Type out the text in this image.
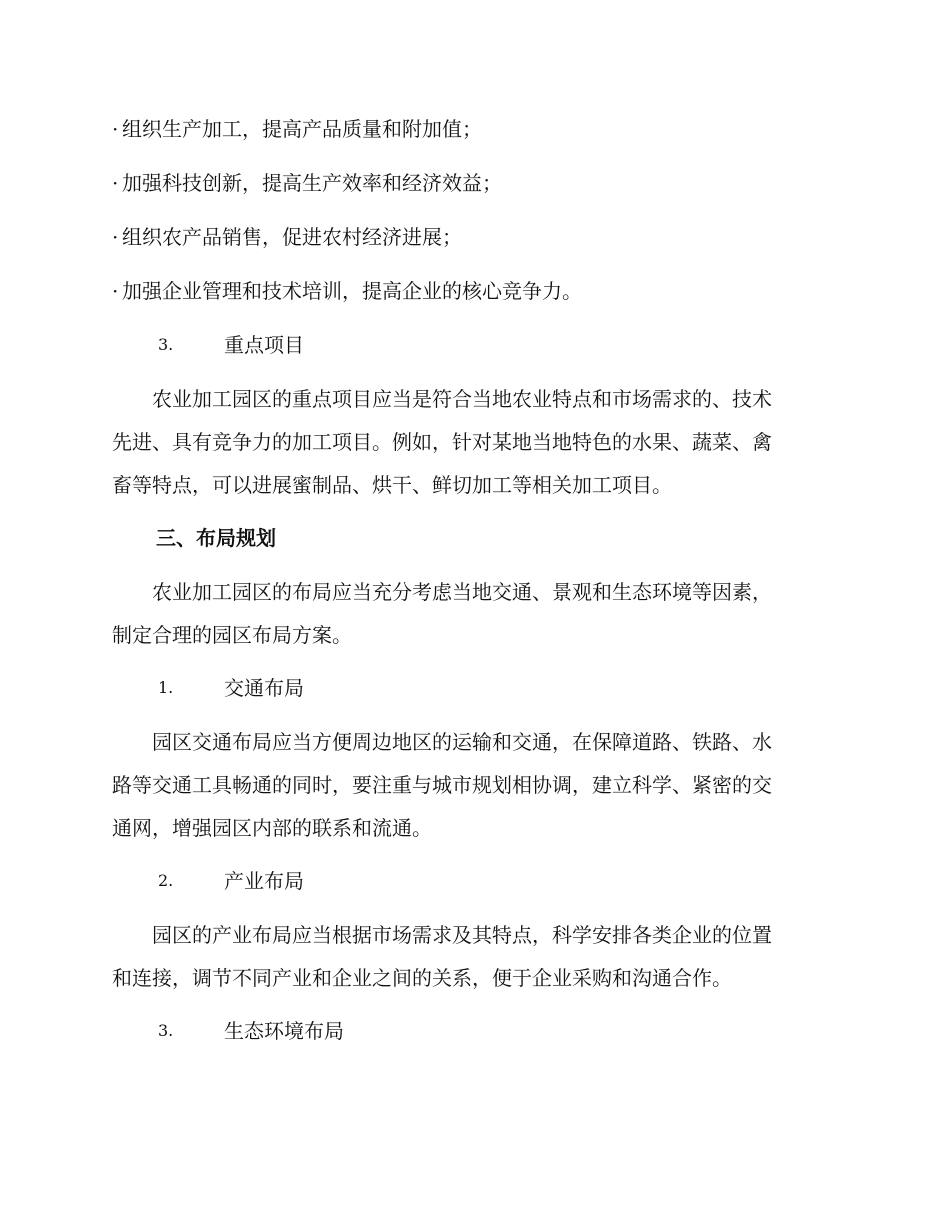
· 组织生产加工，提高产品质量和附加值；
· 加强科技创新，提高生产效率和经济效益；
· 组织农产品销售，促进农村经济进展；
· 加强企业管理和技术培训，提高企业的核心竞争力。
3.	重点项目
农业加工园区的重点项目应当是符合当地农业特点和市场需求的、技术
先进、具有竞争力的加工项目。例如，针对某地当地特色的水果、蔬菜、禽
畜等特点，可以进展蜜制品、烘干、鲜切加工等相关加工项目。
三、布局规划
农业加工园区的布局应当充分考虑当地交通、景观和生态环境等因素，
制定合理的园区布局方案。
1.	交通布局
园区交通布局应当方便周边地区的运输和交通，在保障道路、铁路、水
路等交通工具畅通的同时，要注重与城市规划相协调，建立科学、紧密的交
通网，增强园区内部的联系和流通。
2.	产业布局
园区的产业布局应当根据市场需求及其特点，科学安排各类企业的位置
和连接，调节不同产业和企业之间的关系，便于企业采购和沟通合作。
3.	生态环境布局
